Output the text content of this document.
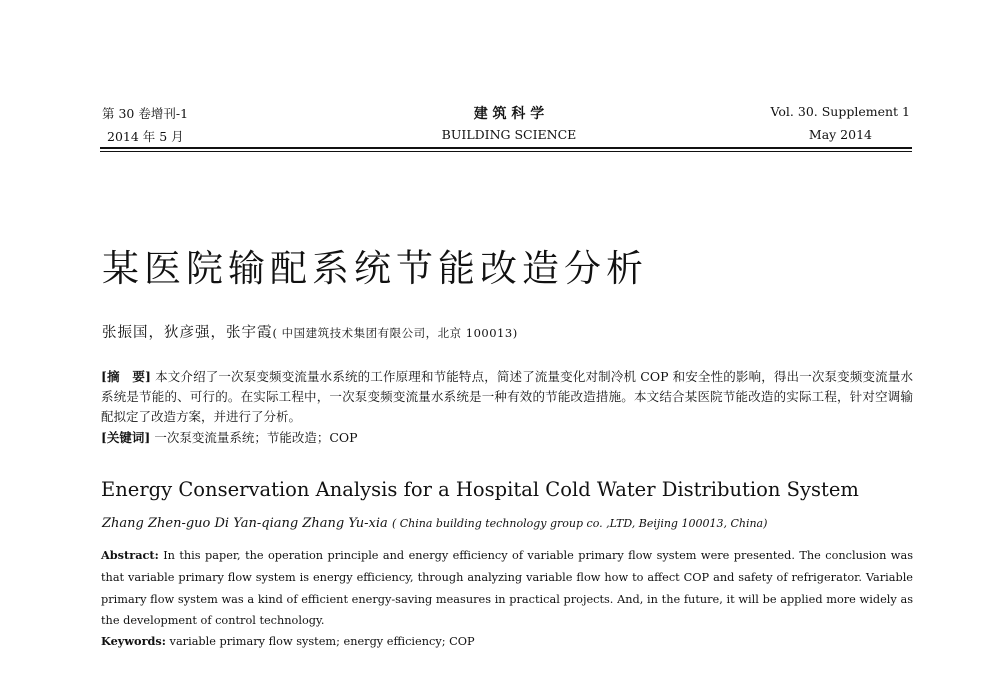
第 30 卷增刊-1
2014 年 5 月
建 筑 科 学
BUILDING SCIENCE
Vol. 30. Supplement 1
May 2014
某医院输配系统节能改造分析
张振国，狄彦强，张宇霞( 中国建筑技术集团有限公司，北京 100013)
[摘　要] 本文介绍了一次泵变频变流量水系统的工作原理和节能特点，简述了流量变化对制冷机 COP 和安全性的影响，得出一次泵变频变流量水系统是节能的、可行的。在实际工程中，一次泵变频变流量水系统是一种有效的节能改造措施。本文结合某医院节能改造的实际工程，针对空调输配拟定了改造方案，并进行了分析。
[关键词] 一次泵变流量系统；节能改造；COP
Energy Conservation Analysis for a Hospital Cold Water Distribution System
Zhang Zhen-guo Di Yan-qiang Zhang Yu-xia ( China building technology group co. ,LTD, Beijing 100013, China)
Abstract: In this paper, the operation principle and energy efficiency of variable primary flow system were presented. The conclusion was that variable primary flow system is energy efficiency, through analyzing variable flow how to affect COP and safety of refrigerator. Variable primary flow system was a kind of efficient energy-saving measures in practical projects. And, in the future, it will be applied more widely as the development of control technology.
Keywords: variable primary flow system; energy efficiency; COP
